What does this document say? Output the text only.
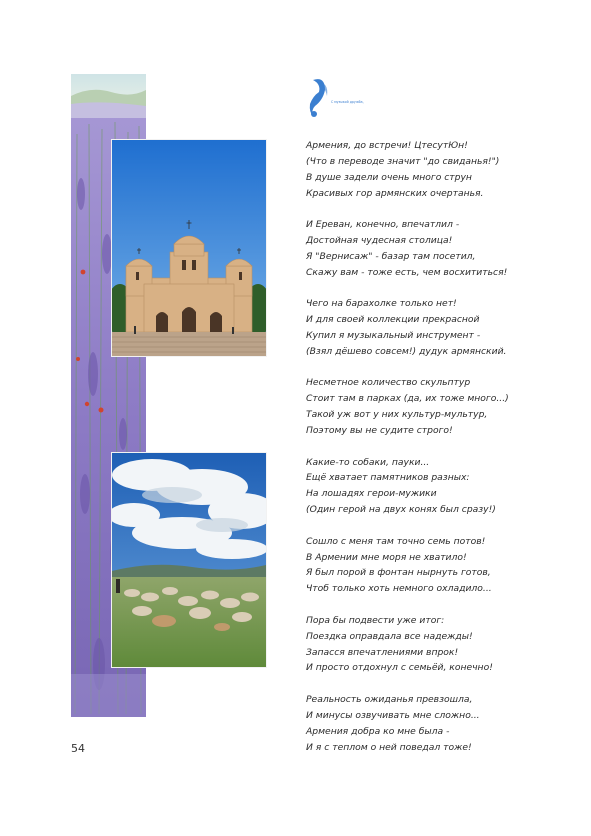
С музыкой дружба,
Армения, до встречи! ЦтесутЮн!
(Что в переводе значит "до свиданья!")
В душе задели очень много струн
Красивых гор армянских очертанья.
И Ереван, конечно, впечатлил -
Достойная чудесная столица!
Я "Вернисаж" - базар там посетил,
Скажу вам - тоже есть, чем восхититься!
Чего на барахолке только нет!
И для своей коллекции прекрасной
Купил я музыкальный инструмент -
(Взял дёшево совсем!) дудук армянский.
Несметное количество скульптур
Стоит там в парках (да, их тоже много...)
Такой уж вот у них культур-мультур,
Поэтому вы не судите строго!
Какие-то собаки, пауки...
Ещё хватает памятников разных:
На лошадях герои-мужики
(Один герой на двух конях был сразу!)
Сошло с меня там точно семь потов!
В Армении мне моря не хватило!
Я был порой в фонтан нырнуть готов,
Чтоб только хоть немного охладило...
Пора бы подвести уже итог:
Поездка оправдала все надежды!
Запасся впечатлениями впрок!
И просто отдохнул с семьёй, конечно!
Реальность ожиданья превзошла,
И минусы озвучивать мне сложно...
Армения добра ко мне была -
И я с теплом о ней поведал тоже!
54
